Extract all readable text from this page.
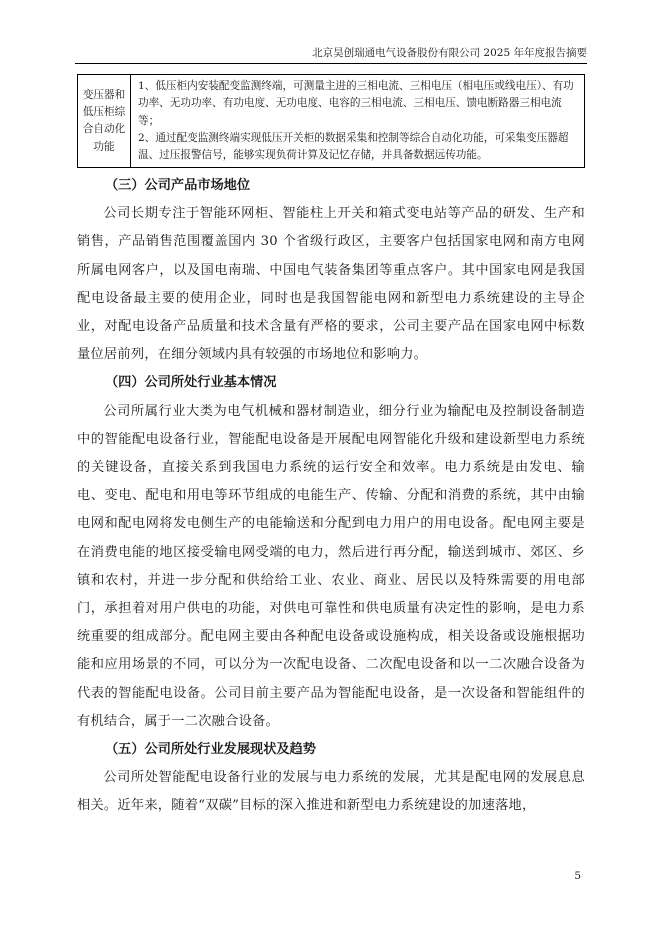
北京昊创瑞通电气设备股份有限公司 2025 年年度报告摘要
变压器和低压柜综合自动化功能	

1、低压柜内安装配变监测终端，可测量主进的三相电流、三相电压（相电压或线电压）、有功功率、无功功率、有功电度、无功电度、电容的三相电流、三相电压、馈电断路器三相电流等；

2、通过配变监测终端实现低压开关柜的数据采集和控制等综合自动化功能，可采集变压器超温、过压报警信号，能够实现负荷计算及记忆存储，并具备数据远传功能。

（三）公司产品市场地位

公司长期专注于智能环网柜、智能柱上开关和箱式变电站等产品的研发、生产和销售，产品销售范围覆盖国内 30 个省级行政区，主要客户包括国家电网和南方电网所属电网客户，以及国电南瑞、中国电气装备集团等重点客户。其中国家电网是我国配电设备最主要的使用企业，同时也是我国智能电网和新型电力系统建设的主导企业，对配电设备产品质量和技术含量有严格的要求，公司主要产品在国家电网中标数量位居前列，在细分领域内具有较强的市场地位和影响力。

（四）公司所处行业基本情况

公司所属行业大类为电气机械和器材制造业，细分行业为输配电及控制设备制造中的智能配电设备行业，智能配电设备是开展配电网智能化升级和建设新型电力系统的关键设备，直接关系到我国电力系统的运行安全和效率。电力系统是由发电、输电、变电、配电和用电等环节组成的电能生产、传输、分配和消费的系统，其中由输电网和配电网将发电侧生产的电能输送和分配到电力用户的用电设备。配电网主要是在消费电能的地区接受输电网受端的电力，然后进行再分配，输送到城市、郊区、乡镇和农村，并进一步分配和供给给工业、农业、商业、居民以及特殊需要的用电部门，承担着对用户供电的功能，对供电可靠性和供电质量有决定性的影响，是电力系统重要的组成部分。配电网主要由各种配电设备或设施构成，相关设备或设施根据功能和应用场景的不同，可以分为一次配电设备、二次配电设备和以一二次融合设备为代表的智能配电设备。公司目前主要产品为智能配电设备，是一次设备和智能组件的有机结合，属于一二次融合设备。

（五）公司所处行业发展现状及趋势

公司所处智能配电设备行业的发展与电力系统的发展，尤其是配电网的发展息息相关。近年来，随着“双碳”目标的深入推进和新型电力系统建设的加速落地，

5
